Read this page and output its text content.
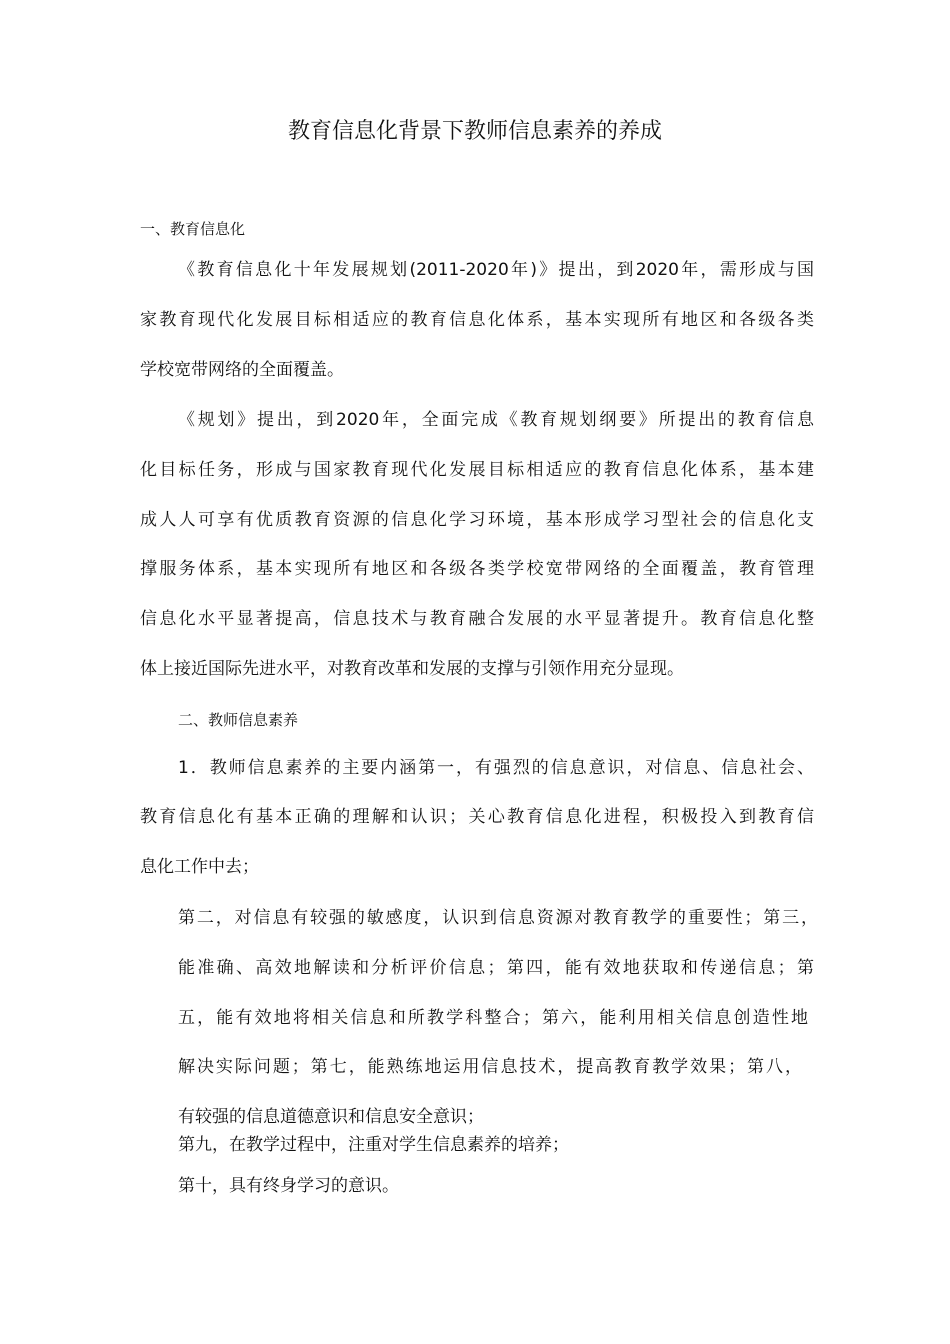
教育信息化背景下教师信息素养的养成

一、教育信息化

《教育信息化十年发展规划(2011-2020年)》提出，到2020年，需形成与国

家教育现代化发展目标相适应的教育信息化体系，基本实现所有地区和各级各类

学校宽带网络的全面覆盖。

《规划》提出，到2020年，全面完成《教育规划纲要》所提出的教育信息

化目标任务，形成与国家教育现代化发展目标相适应的教育信息化体系，基本建

成人人可享有优质教育资源的信息化学习环境，基本形成学习型社会的信息化支

撑服务体系，基本实现所有地区和各级各类学校宽带网络的全面覆盖，教育管理

信息化水平显著提高，信息技术与教育融合发展的水平显著提升。教育信息化整

体上接近国际先进水平，对教育改革和发展的支撑与引领作用充分显现。

二、教师信息素养

1．教师信息素养的主要内涵第一，有强烈的信息意识，对信息、信息社会、

教育信息化有基本正确的理解和认识；关心教育信息化进程，积极投入到教育信

息化工作中去；

第二，对信息有较强的敏感度，认识到信息资源对教育教学的重要性；第三，

能准确、高效地解读和分析评价信息；第四，能有效地获取和传递信息；第

五，能有效地将相关信息和所教学科整合；第六，能利用相关信息创造性地

解决实际问题；第七，能熟练地运用信息技术，提高教育教学效果；第八，

有较强的信息道德意识和信息安全意识；

第九，在教学过程中，注重对学生信息素养的培养；

第十，具有终身学习的意识。
